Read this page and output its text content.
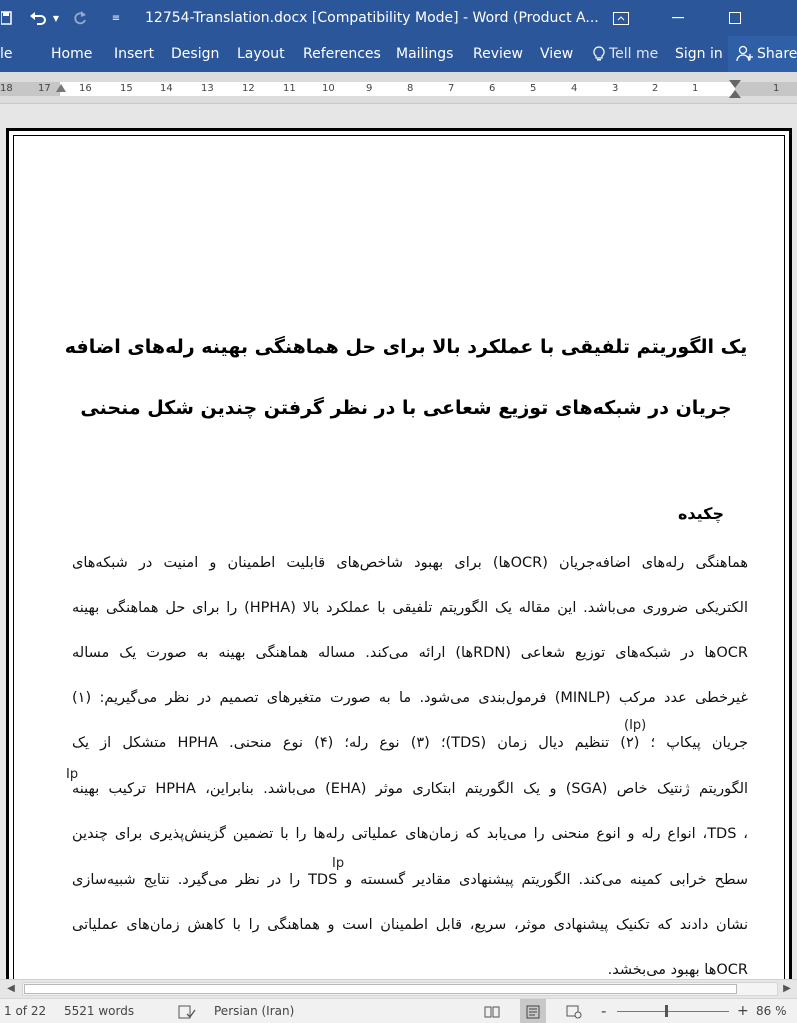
▼	≡ 12754-Translation.docx [Compatibility Mode] - Word (Product A...
le	Home Insert Design Layout References Mailings Review View	Tell me Sign in Share
18	17	16	15	14	13	12	11	10	9	8	7	6	5	4	3	2	1	1
یک الگوریتم تلفیقی با عملکرد بالا برای حل هماهنگی بهینه رله‌های اضافه
جریان در شبکه‌های توزیع شعاعی با در نظر گرفتن چندین شکل منحنی
چکیده
هماهنگی رله‌های اضافه‌جریان (OCRها) برای بهبود شاخص‌های قابلیت اطمینان و امنیت در شبکه‌های
الکتریکی ضروری می‌باشد. این مقاله یک الگوریتم تلفیقی با عملکرد بالا (HPHA) را برای حل هماهنگی بهینه
OCRها در شبکه‌های توزیع شعاعی (RDNها) ارائه می‌کند. مساله هماهنگی بهینه به صورت یک مساله
غیرخطی عدد مرکب (MINLP) فرمول‌بندی می‌شود. ما به صورت متغیرهای تصمیم در نظر می‌گیریم: (۱)
جریان پیکاپ ؛ (۲) تنظیم دیال زمان (TDS)؛ (۳) نوع رله؛ (۴) نوع منحنی. HPHA متشکل از یک
الگوریتم ژنتیک خاص (SGA) و یک الگوریتم ابتکاری موثر (EHA) می‌باشد. بنابراین، HPHA ترکیب بهینه
، TDS، انواع رله و انوع منحنی را می‌یابد که زمان‌های عملیاتی رله‌ها را با تضمین گزینش‌پذیری برای چندین
سطح خرابی کمینه می‌کند. الگوریتم پیشنهادی مقادیر گسسته و TDS را در نظر می‌گیرد. نتایج شبیه‌سازی
نشان دادند که تکنیک پیشنهادی موثر، سریع، قابل اطمینان است و هماهنگی را با کاهش زمان‌های عملیاتی
OCRها بهبود می‌بخشد.
(Ip)
Ip
Ip
◀	▶
1 of 22 5521 words	Persian (Iran)	-	+ 86 %
